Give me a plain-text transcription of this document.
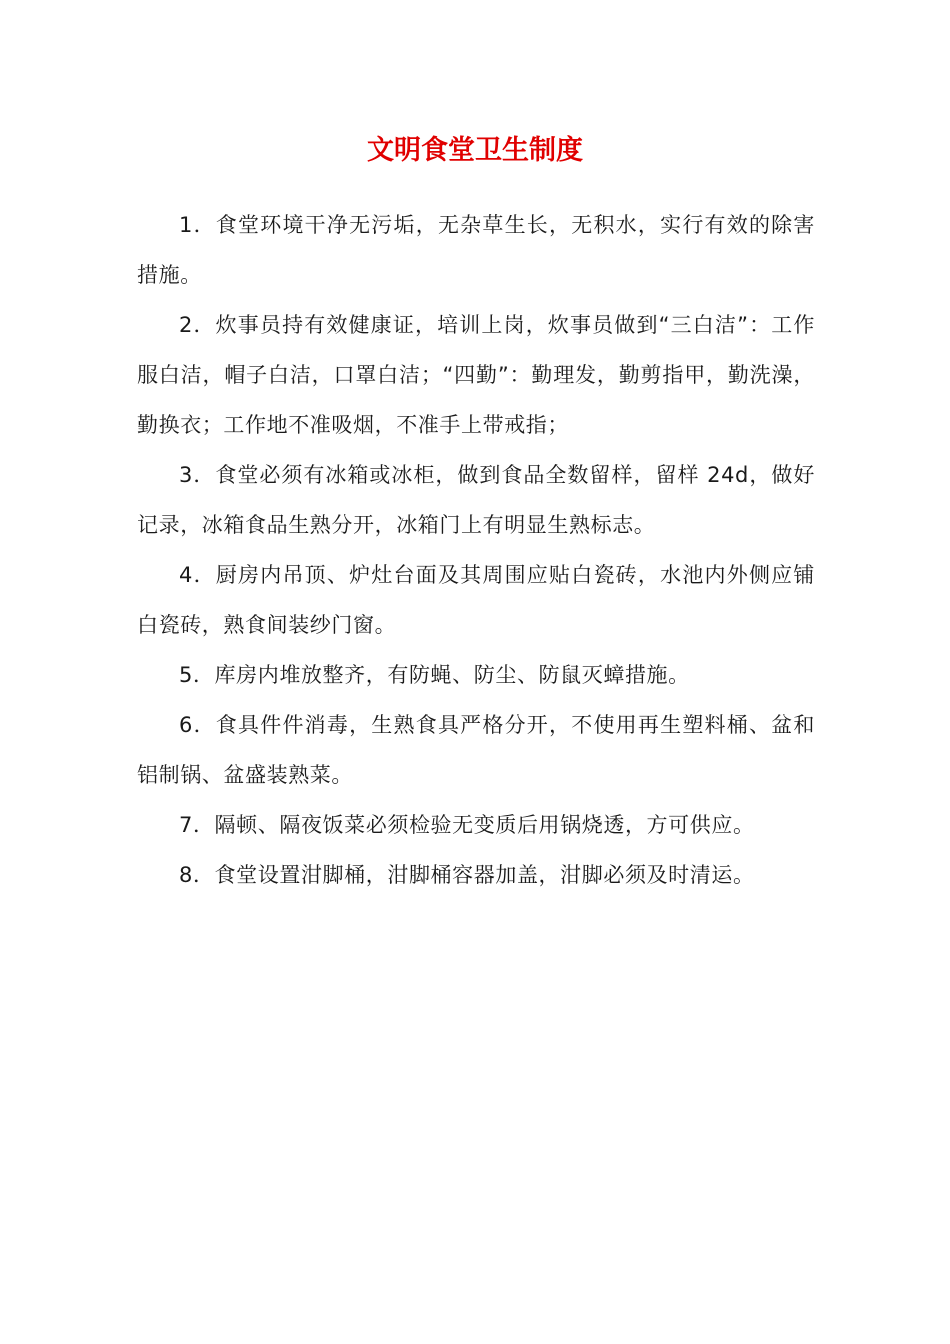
文明食堂卫生制度

1．食堂环境干净无污垢，无杂草生长，无积水，实行有效的除害措施。

2．炊事员持有效健康证，培训上岗，炊事员做到“三白洁”：工作服白洁，帽子白洁，口罩白洁；“四勤”：勤理发，勤剪指甲，勤洗澡，勤换衣；工作地不准吸烟，不准手上带戒指；

3．食堂必须有冰箱或冰柜，做到食品全数留样，留样 24d，做好记录，冰箱食品生熟分开，冰箱门上有明显生熟标志。

4．厨房内吊顶、炉灶台面及其周围应贴白瓷砖，水池内外侧应铺白瓷砖，熟食间装纱门窗。

5．库房内堆放整齐，有防蝇、防尘、防鼠灭蟑措施。

6．食具件件消毒，生熟食具严格分开，不使用再生塑料桶、盆和铝制锅、盆盛装熟菜。

7．隔顿、隔夜饭菜必须检验无变质后用锅烧透，方可供应。

8．食堂设置泔脚桶，泔脚桶容器加盖，泔脚必须及时清运。
